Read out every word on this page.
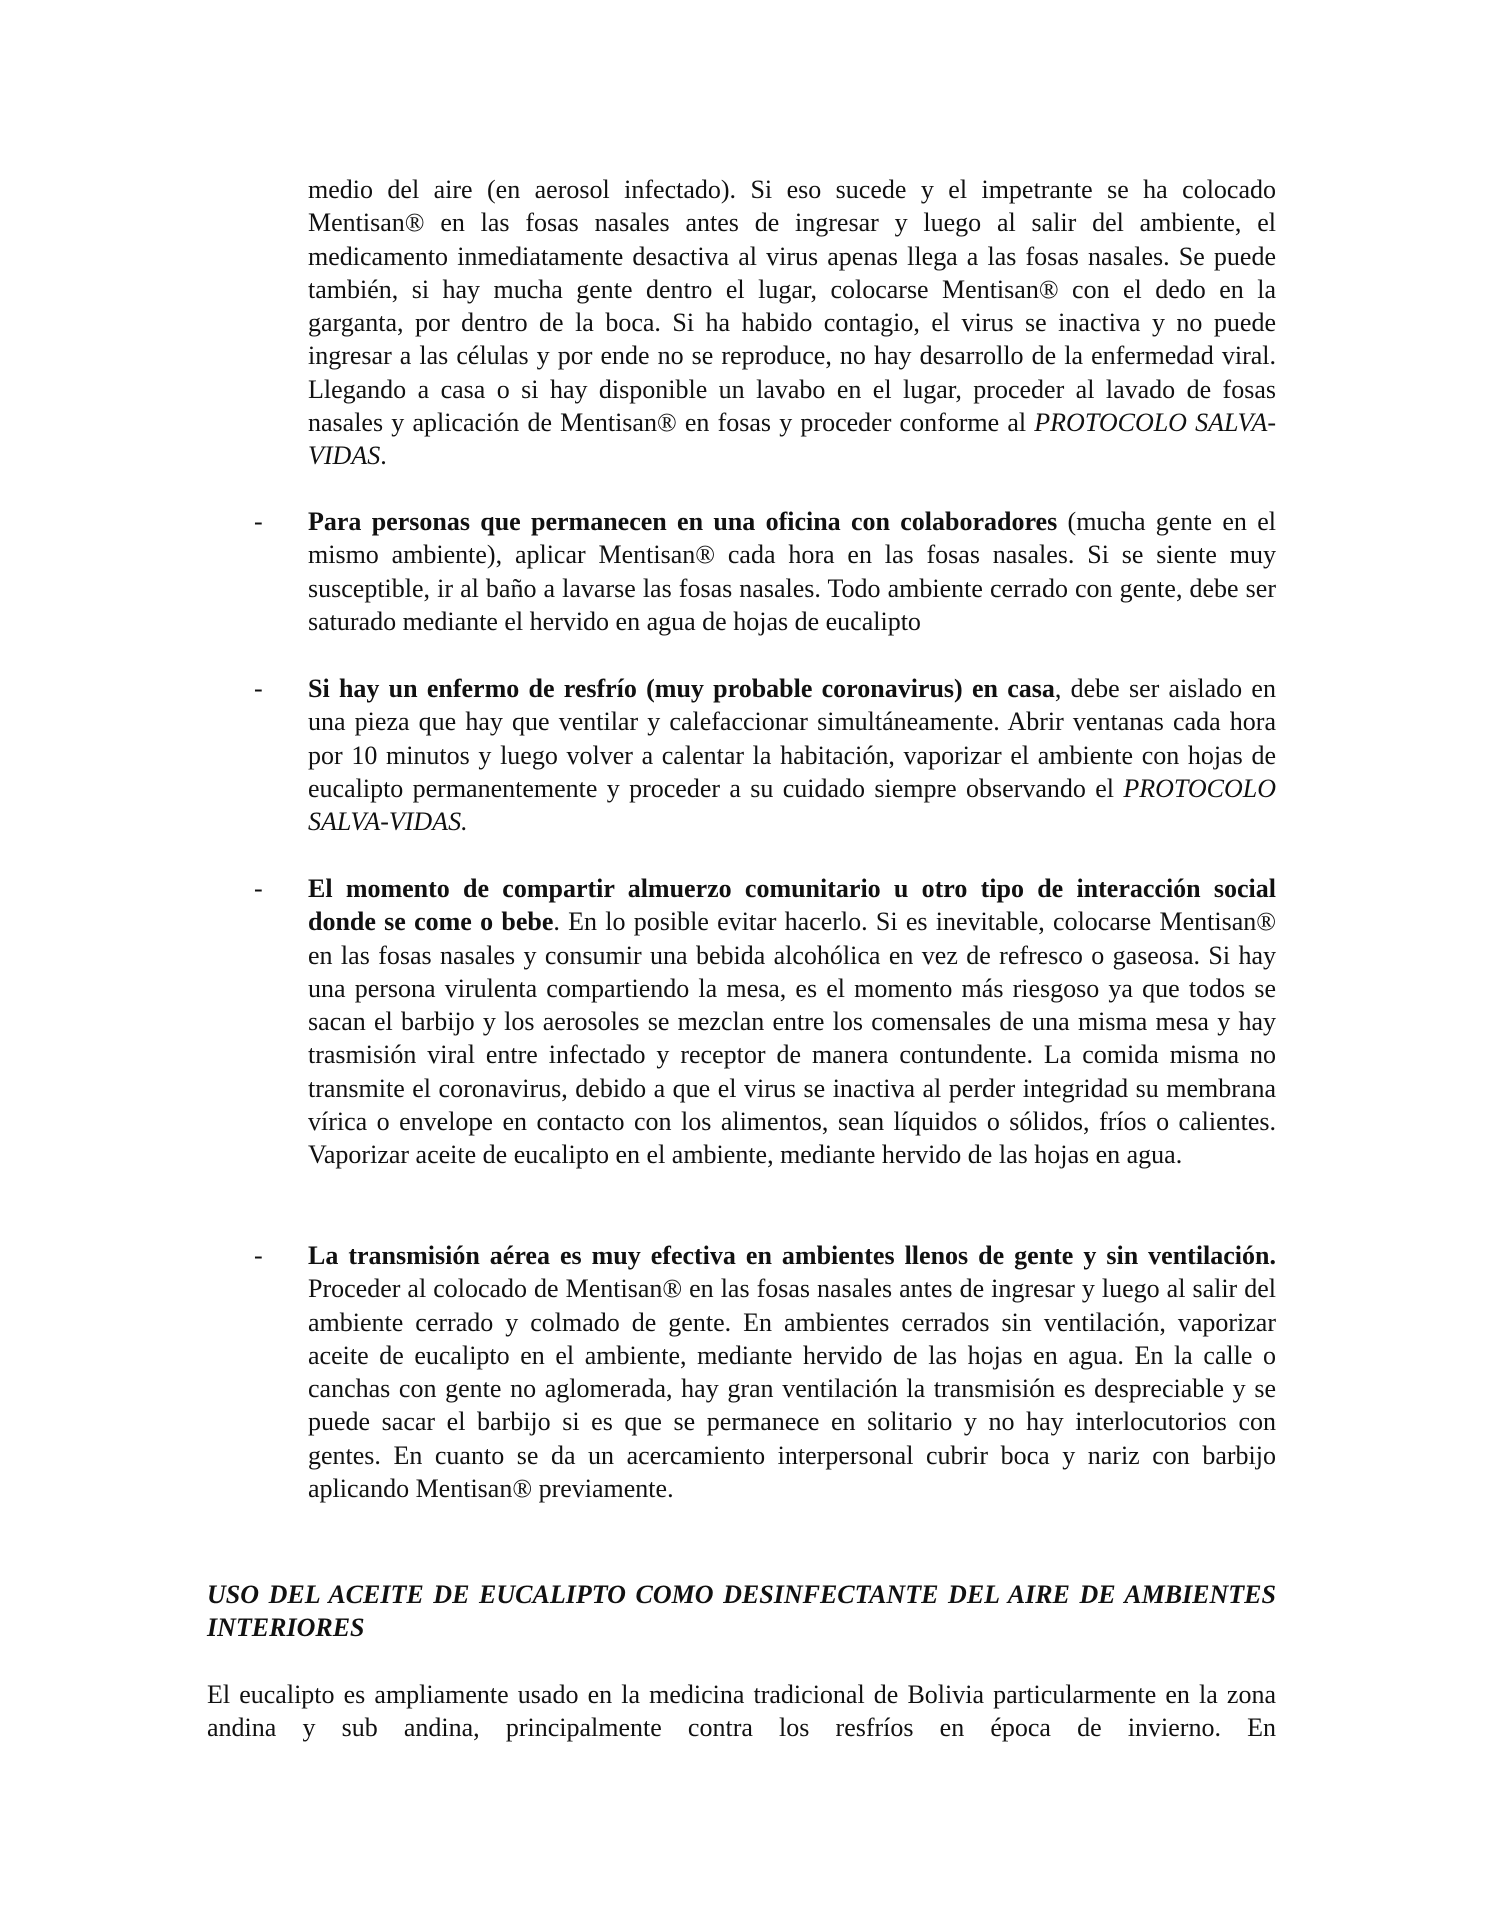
medio del aire (en aerosol infectado). Si eso sucede y el impetrante se ha colocado Mentisan® en las fosas nasales antes de ingresar y luego al salir del ambiente, el medicamento inmediatamente desactiva al virus apenas llega a las fosas nasales. Se puede también, si hay mucha gente dentro el lugar, colocarse Mentisan® con el dedo en la garganta, por dentro de la boca. Si ha habido contagio, el virus se inactiva y no puede ingresar a las células y por ende no se reproduce, no hay desarrollo de la enfermedad viral. Llegando a casa o si hay disponible un lavabo en el lugar, proceder al lavado de fosas nasales y aplicación de Mentisan® en fosas y proceder conforme al PROTOCOLO SALVA-VIDAS.

- Para personas que permanecen en una oficina con colaboradores (mucha gente en el mismo ambiente), aplicar Mentisan® cada hora en las fosas nasales. Si se siente muy susceptible, ir al baño a lavarse las fosas nasales. Todo ambiente cerrado con gente, debe ser saturado mediante el hervido en agua de hojas de eucalipto

- Si hay un enfermo de resfrío (muy probable coronavirus) en casa, debe ser aislado en una pieza que hay que ventilar y calefaccionar simultáneamente. Abrir ventanas cada hora por 10 minutos y luego volver a calentar la habitación, vaporizar el ambiente con hojas de eucalipto permanentemente y proceder a su cuidado siempre observando el PROTOCOLO SALVA-VIDAS.

- El momento de compartir almuerzo comunitario u otro tipo de interacción social donde se come o bebe. En lo posible evitar hacerlo. Si es inevitable, colocarse Mentisan® en las fosas nasales y consumir una bebida alcohólica en vez de refresco o gaseosa. Si hay una persona virulenta compartiendo la mesa, es el momento más riesgoso ya que todos se sacan el barbijo y los aerosoles se mezclan entre los comensales de una misma mesa y hay trasmisión viral entre infectado y receptor de manera contundente. La comida misma no transmite el coronavirus, debido a que el virus se inactiva al perder integridad su membrana vírica o envelope en contacto con los alimentos, sean líquidos o sólidos, fríos o calientes. Vaporizar aceite de eucalipto en el ambiente, mediante hervido de las hojas en agua.

- La transmisión aérea es muy efectiva en ambientes llenos de gente y sin ventilación. Proceder al colocado de Mentisan® en las fosas nasales antes de ingresar y luego al salir del ambiente cerrado y colmado de gente. En ambientes cerrados sin ventilación, vaporizar aceite de eucalipto en el ambiente, mediante hervido de las hojas en agua. En la calle o canchas con gente no aglomerada, hay gran ventilación la transmisión es despreciable y se puede sacar el barbijo si es que se permanece en solitario y no hay interlocutorios con gentes. En cuanto se da un acercamiento interpersonal cubrir boca y nariz con barbijo aplicando Mentisan® previamente.

USO DEL ACEITE DE EUCALIPTO COMO DESINFECTANTE DEL AIRE DE AMBIENTES INTERIORES

El eucalipto es ampliamente usado en la medicina tradicional de Bolivia particularmente en la zona andina y sub andina, principalmente contra los resfríos en época de invierno. En
